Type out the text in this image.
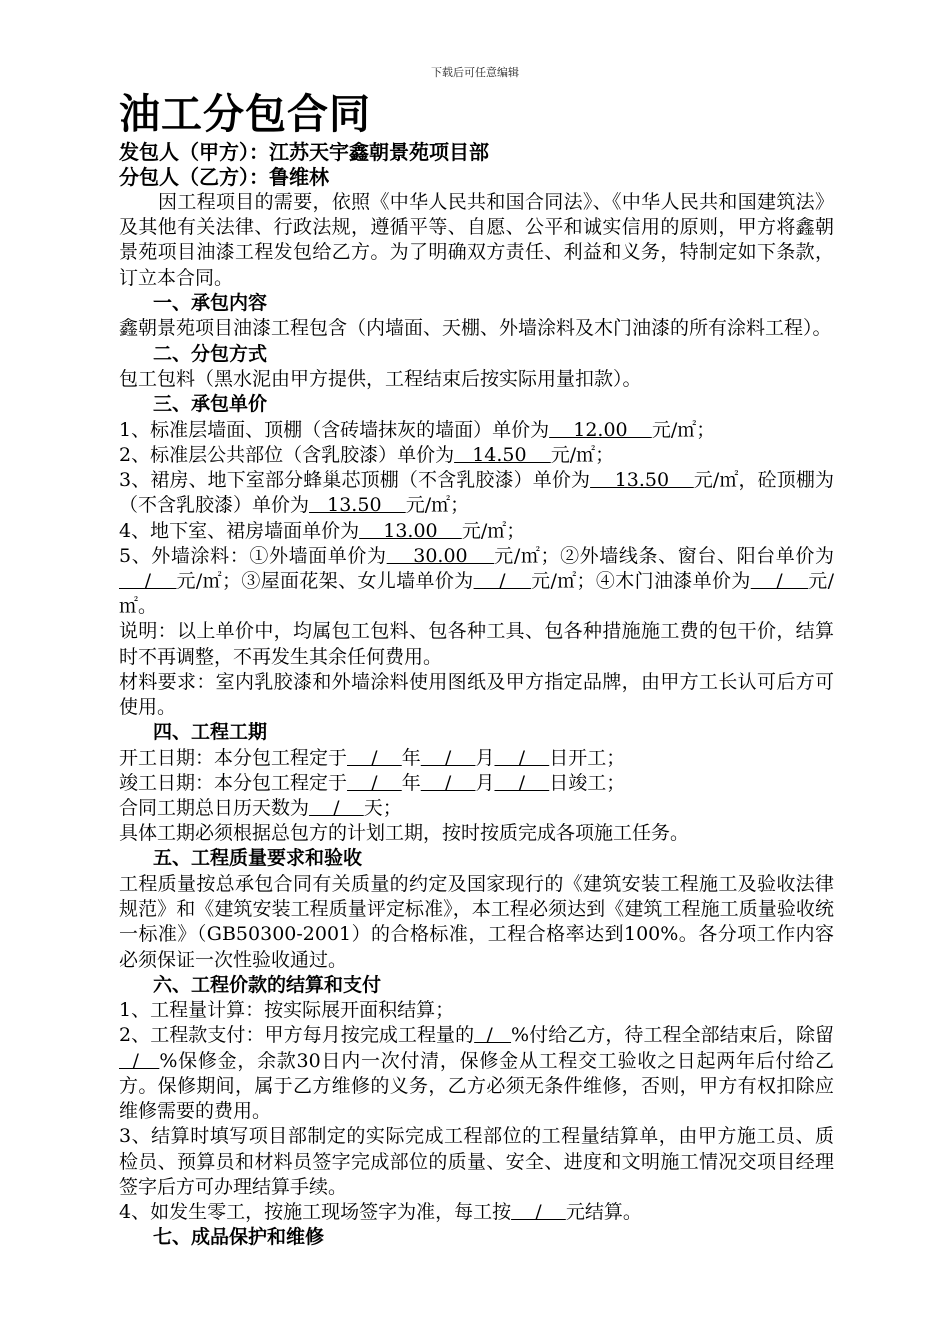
下载后可任意编辑
油工分包合同
发包人（甲方）：江苏天宇鑫朝景苑项目部
分包人（乙方）：鲁维林

因工程项目的需要，依照《中华人民共和国合同法》、《中华人民共和国建筑法》及其他有关法律、行政法规，遵循平等、自愿、公平和诚实信用的原则，甲方将鑫朝景苑项目油漆工程发包给乙方。为了明确双方责任、利益和义务，特制定如下条款，订立本合同。

一、承包内容

鑫朝景苑项目油漆工程包含（内墙面、天棚、外墙涂料及木门油漆的所有涂料工程）。

二、分包方式

包工包料（黑水泥由甲方提供，工程结束后按实际用量扣款）。

三、承包单价

1、标准层墙面、顶棚（含砖墙抹灰的墙面）单价为    12.00    元/㎡；

2、标准层公共部位（含乳胶漆）单价为   14.50    元/㎡；

3、裙房、地下室部分蜂巢芯顶棚（不含乳胶漆）单价为    13.50    元/㎡，砼顶棚为（不含乳胶漆）单价为   13.50    元/㎡；

4、地下室、裙房墙面单价为    13.00    元/㎡；

5、外墙涂料：①外墙面单价为    30.00    元/㎡；②外墙线条、窗台、阳台单价为    /    元/㎡；③屋面花架、女儿墙单价为    /    元/㎡；④木门油漆单价为    /    元/㎡。

说明：以上单价中，均属包工包料、包各种工具、包各种措施施工费的包干价，结算时不再调整，不再发生其余任何费用。

材料要求：室内乳胶漆和外墙涂料使用图纸及甲方指定品牌，由甲方工长认可后方可使用。

四、工程工期

开工日期：本分包工程定于    /    年    /    月    /    日开工；

竣工日期：本分包工程定于    /    年    /    月    /    日竣工；

合同工期总日历天数为    /    天；

具体工期必须根据总包方的计划工期，按时按质完成各项施工任务。

五、工程质量要求和验收

工程质量按总承包合同有关质量的约定及国家现行的《建筑安装工程施工及验收法律规范》和《建筑安装工程质量评定标准》，本工程必须达到《建筑工程施工质量验收统一标准》（GB50300-2001）的合格标准，工程合格率达到100%。各分项工作内容必须保证一次性验收通过。

六、工程价款的结算和支付

1、工程量计算：按实际展开面积结算；

2、工程款支付：甲方每月按完成工程量的  /   %付给乙方，待工程全部结束后，除留  /   %保修金，余款30日内一次付清，保修金从工程交工验收之日起两年后付给乙方。保修期间，属于乙方维修的义务，乙方必须无条件维修，否则，甲方有权扣除应维修需要的费用。

3、结算时填写项目部制定的实际完成工程部位的工程量结算单，由甲方施工员、质检员、预算员和材料员签字完成部位的质量、安全、进度和文明施工情况交项目经理签字后方可办理结算手续。

4、如发生零工，按施工现场签字为准，每工按    /    元结算。

七、成品保护和维修
